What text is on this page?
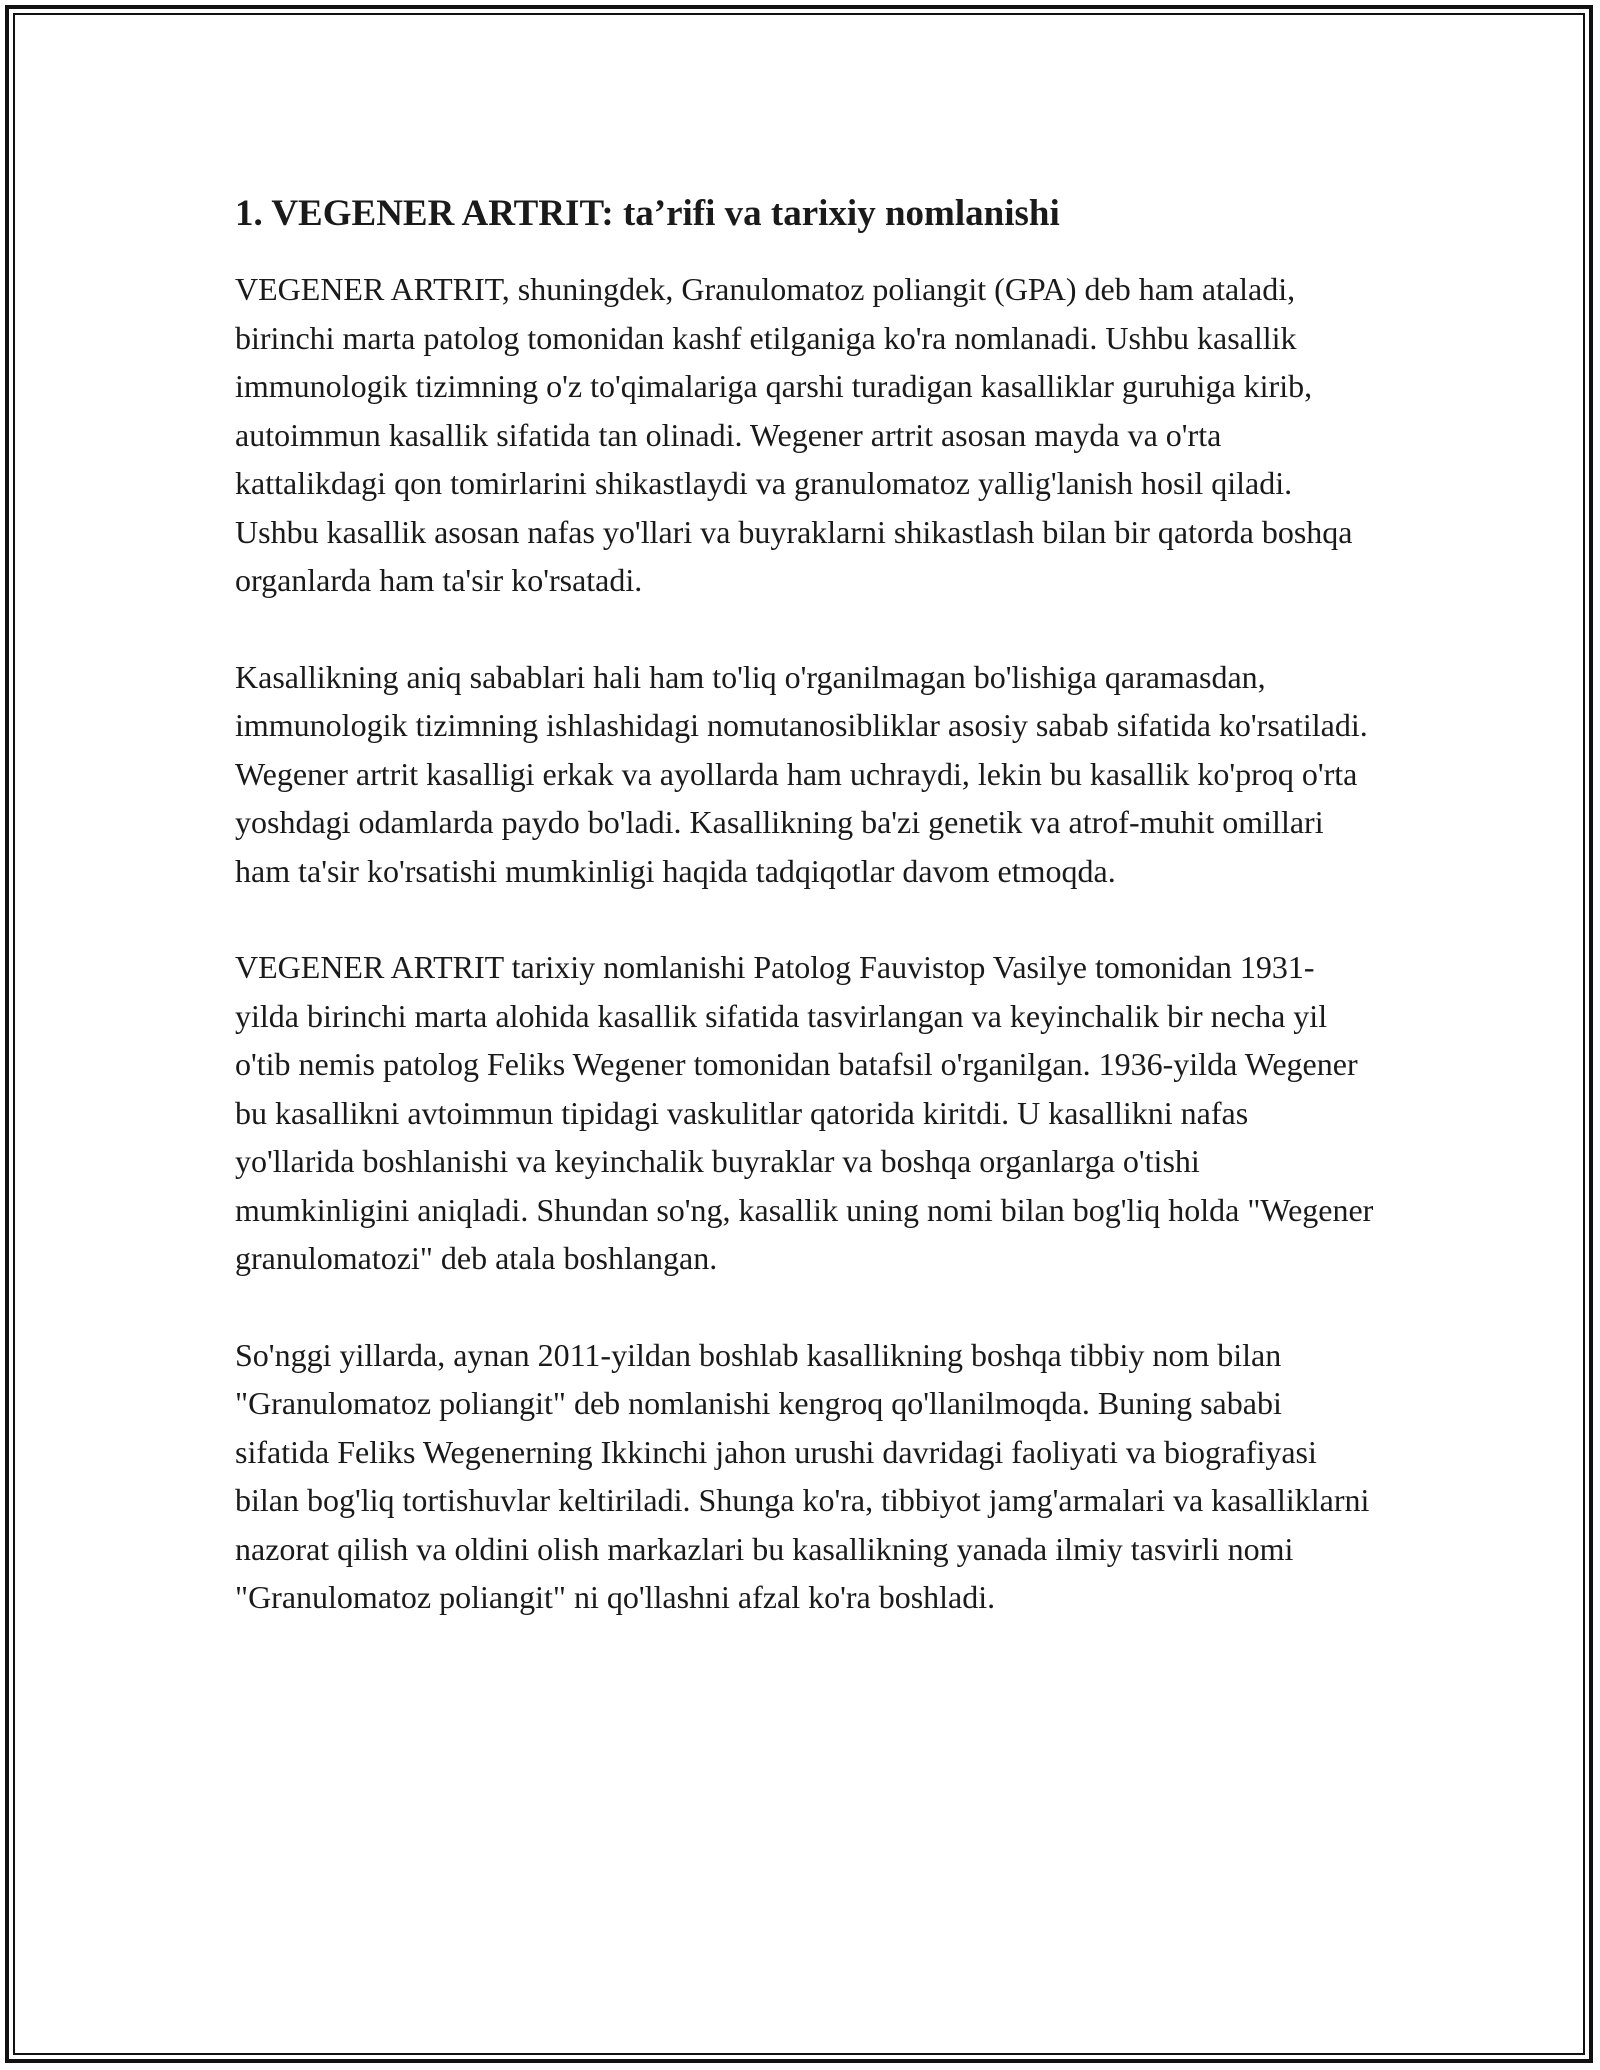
1. VEGENER ARTRIT: ta’rifi va tarixiy nomlanishi

VEGENER ARTRIT, shuningdek, Granulomatoz poliangit (GPA) deb ham ataladi, birinchi marta patolog tomonidan kashf etilganiga ko'ra nomlanadi. Ushbu kasallik immunologik tizimning o'z to'qimalariga qarshi turadigan kasalliklar guruhiga kirib, autoimmun kasallik sifatida tan olinadi. Wegener artrit asosan mayda va o'rta kattalikdagi qon tomirlarini shikastlaydi va granulomatoz yallig'lanish hosil qiladi. Ushbu kasallik asosan nafas yo'llari va buyraklarni shikastlash bilan bir qatorda boshqa organlarda ham ta'sir ko'rsatadi.

Kasallikning aniq sabablari hali ham to'liq o'rganilmagan bo'lishiga qaramasdan, immunologik tizimning ishlashidagi nomutanosibliklar asosiy sabab sifatida ko'rsatiladi. Wegener artrit kasalligi erkak va ayollarda ham uchraydi, lekin bu kasallik ko'proq o'rta yoshdagi odamlarda paydo bo'ladi. Kasallikning ba'zi genetik va atrof-muhit omillari ham ta'sir ko'rsatishi mumkinligi haqida tadqiqotlar davom etmoqda.

VEGENER ARTRIT tarixiy nomlanishi Patolog Fauvistop Vasilye tomonidan 1931-yilda birinchi marta alohida kasallik sifatida tasvirlangan va keyinchalik bir necha yil o'tib nemis patolog Feliks Wegener tomonidan batafsil o'rganilgan. 1936-yilda Wegener bu kasallikni avtoimmun tipidagi vaskulitlar qatorida kiritdi. U kasallikni nafas yo'llarida boshlanishi va keyinchalik buyraklar va boshqa organlarga o'tishi mumkinligini aniqladi. Shundan so'ng, kasallik uning nomi bilan bog'liq holda "Wegener granulomatozi" deb atala boshlangan.

So'nggi yillarda, aynan 2011-yildan boshlab kasallikning boshqa tibbiy nom bilan "Granulomatoz poliangit" deb nomlanishi kengroq qo'llanilmoqda. Buning sababi sifatida Feliks Wegenerning Ikkinchi jahon urushi davridagi faoliyati va biografiyasi bilan bog'liq tortishuvlar keltiriladi. Shunga ko'ra, tibbiyot jamg'armalari va kasalliklarni nazorat qilish va oldini olish markazlari bu kasallikning yanada ilmiy tasvirli nomi "Granulomatoz poliangit" ni qo'llashni afzal ko'ra boshladi.
